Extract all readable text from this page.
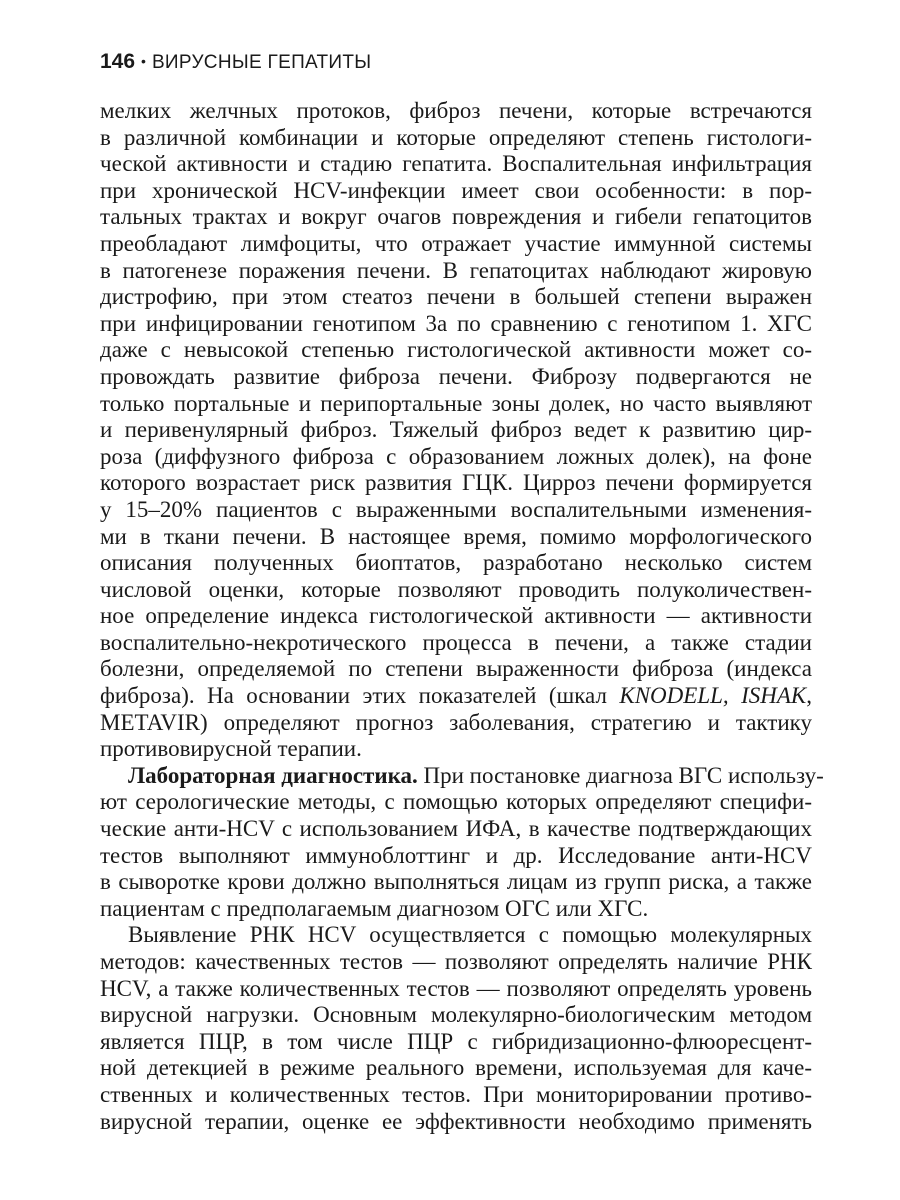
146 • ВИРУСНЫЕ ГЕПАТИТЫ
мелких желчных протоков, фиброз печени, которые встречаются
в различной комбинации и которые определяют степень гистологи-
ческой активности и стадию гепатита. Воспалительная инфильтрация
при хронической HCV-инфекции имеет свои особенности: в пор-
тальных трактах и вокруг очагов повреждения и гибели гепатоцитов
преобладают лимфоциты, что отражает участие иммунной системы
в патогенезе поражения печени. В гепатоцитах наблюдают жировую
дистрофию, при этом стеатоз печени в большей степени выражен
при инфицировании генотипом 3а по сравнению с генотипом 1. ХГС
даже с невысокой степенью гистологической активности может со-
провождать развитие фиброза печени. Фиброзу подвергаются не
только портальные и перипортальные зоны долек, но часто выявляют
и перивенулярный фиброз. Тяжелый фиброз ведет к развитию цир-
роза (диффузного фиброза с образованием ложных долек), на фоне
которого возрастает риск развития ГЦК. Цирроз печени формируется
у 15–20% пациентов с выраженными воспалительными изменения-
ми в ткани печени. В настоящее время, помимо морфологического
описания полученных биоптатов, разработано несколько систем
числовой оценки, которые позволяют проводить полуколичествен-
ное определение индекса гистологической активности — активности
воспалительно-некротического процесса в печени, а также стадии
болезни, определяемой по степени выраженности фиброза (индекса
фиброза). На основании этих показателей (шкал KNODELL, ISHAK,
METAVIR) определяют прогноз заболевания, стратегию и тактику
противовирусной терапии.
Лабораторная диагностика. При постановке диагноза ВГС использу-
ют серологические методы, с помощью которых определяют специфи-
ческие анти-HCV с использованием ИФА, в качестве подтверждающих
тестов выполняют иммуноблоттинг и др. Исследование анти-HCV
в сыворотке крови должно выполняться лицам из групп риска, а также
пациентам с предполагаемым диагнозом ОГС или ХГС.
Выявление РНК HCV осуществляется с помощью молекулярных
методов: качественных тестов — позволяют определять наличие РНК
HCV, а также количественных тестов — позволяют определять уровень
вирусной нагрузки. Основным молекулярно-биологическим методом
является ПЦР, в том числе ПЦР с гибридизационно-флюоресцент-
ной детекцией в режиме реального времени, используемая для каче-
ственных и количественных тестов. При мониторировании противо-
вирусной терапии, оценке ее эффективности необходимо применять
